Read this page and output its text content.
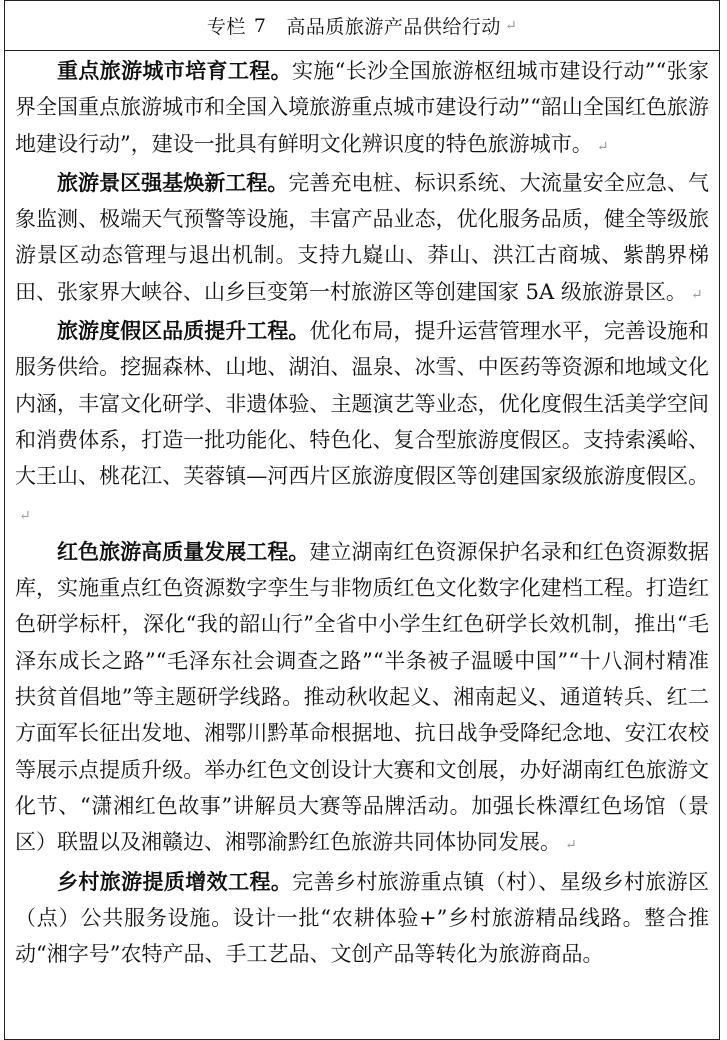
专栏 7 高品质旅游产品供给行动 ↵

重点旅游城市培育工程。实施“长沙全国旅游枢纽城市建设行动”“张家界全国重点旅游城市和全国入境旅游重点城市建设行动”“韶山全国红色旅游地建设行动”，建设一批具有鲜明文化辨识度的特色旅游城市。 ↵

旅游景区强基焕新工程。完善充电桩、标识系统、大流量安全应急、气象监测、极端天气预警等设施，丰富产品业态，优化服务品质，健全等级旅游景区动态管理与退出机制。支持九嶷山、莽山、洪江古商城、紫鹊界梯田、张家界大峡谷、山乡巨变第一村旅游区等创建国家 5A 级旅游景区。 ↵

旅游度假区品质提升工程。优化布局，提升运营管理水平，完善设施和服务供给。挖掘森林、山地、湖泊、温泉、冰雪、中医药等资源和地域文化内涵，丰富文化研学、非遗体验、主题演艺等业态，优化度假生活美学空间和消费体系，打造一批功能化、特色化、复合型旅游度假区。支持索溪峪、大王山、桃花江、芙蓉镇—河西片区旅游度假区等创建国家级旅游度假区。↵

红色旅游高质量发展工程。建立湖南红色资源保护名录和红色资源数据库，实施重点红色资源数字孪生与非物质红色文化数字化建档工程。打造红色研学标杆，深化“我的韶山行”全省中小学生红色研学长效机制，推出“毛泽东成长之路”“毛泽东社会调查之路”“半条被子温暖中国”“十八洞村精准扶贫首倡地”等主题研学线路。推动秋收起义、湘南起义、通道转兵、红二方面军长征出发地、湘鄂川黔革命根据地、抗日战争受降纪念地、安江农校等展示点提质升级。举办红色文创设计大赛和文创展，办好湖南红色旅游文化节、“潇湘红色故事”讲解员大赛等品牌活动。加强长株潭红色场馆（景区）联盟以及湘赣边、湘鄂渝黔红色旅游共同体协同发展。 ↵

乡村旅游提质增效工程。完善乡村旅游重点镇（村）、星级乡村旅游区（点）公共服务设施。设计一批“农耕体验+”乡村旅游精品线路。整合推动“湘字号”农特产品、手工艺品、文创产品等转化为旅游商品。
